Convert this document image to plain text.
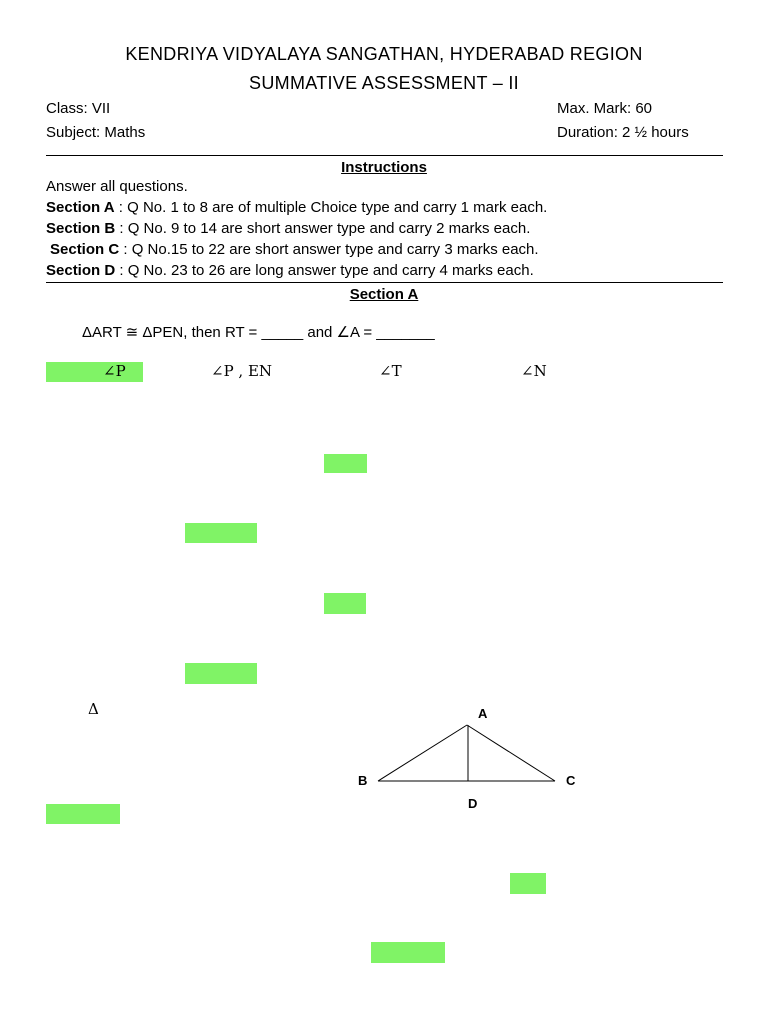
KENDRIYA VIDYALAYA SANGATHAN, HYDERABAD REGION
SUMMATIVE ASSESSMENT – II
Class: VII
Subject: Maths
Max. Mark: 60
Duration: 2 ½ hours
Instructions
Answer all questions.
Section A : Q No. 1 to 8 are of multiple Choice type and carry 1 mark each.
Section B : Q No. 9 to 14 are short answer type and carry 2 marks each.
Section C : Q No.15 to 22 are short answer type and carry 3 marks each.
Section D : Q No. 23 to 26 are long answer type and carry 4 marks each.
Section A
ΔART ≅ ΔPEN, then RT = _____ and ∠A = _______
∠P	∠P , EN	∠T	∠N
Δ	A
B	C
D
